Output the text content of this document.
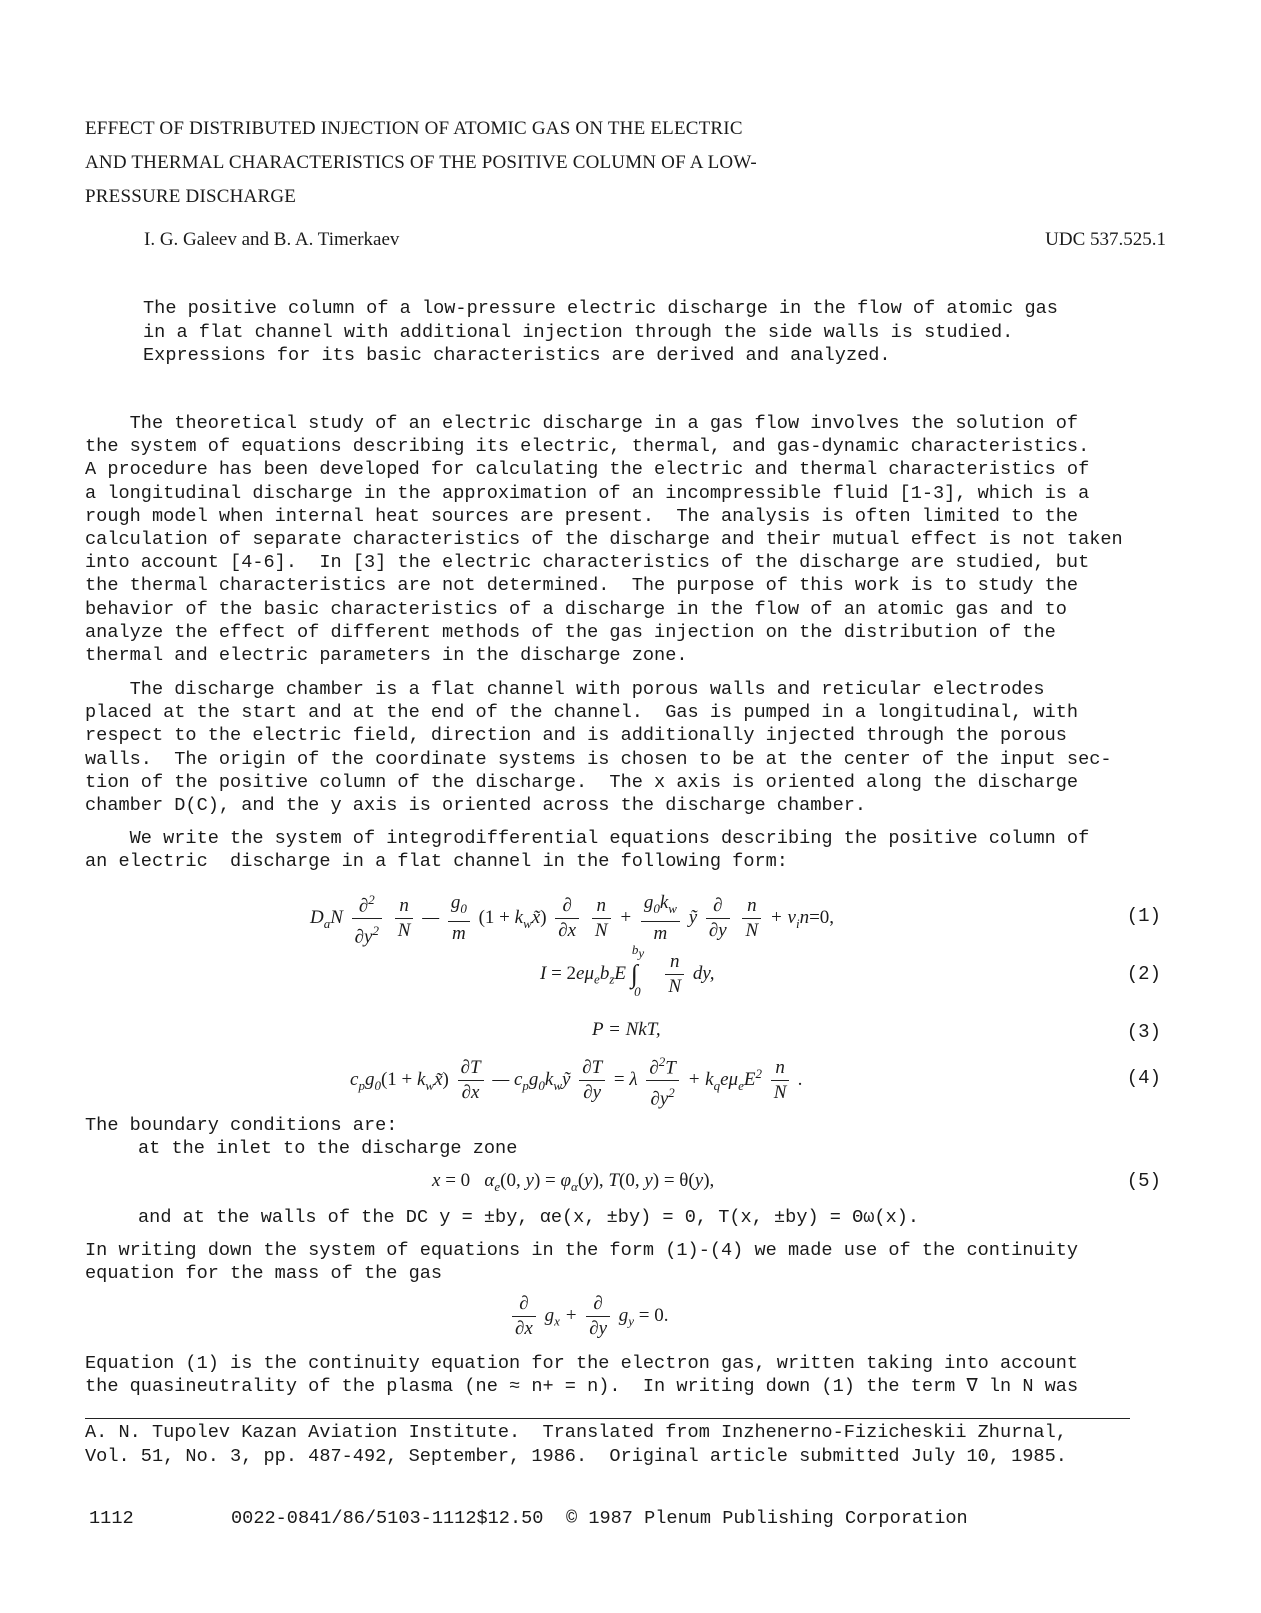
EFFECT OF DISTRIBUTED INJECTION OF ATOMIC GAS ON THE ELECTRIC
AND THERMAL CHARACTERISTICS OF THE POSITIVE COLUMN OF A LOW-
PRESSURE DISCHARGE
I. G. Galeev and B. A. Timerkaev	UDC 537.525.1
The positive column of a low-pressure electric discharge in the flow of atomic gas
in a flat channel with additional injection through the side walls is studied.
Expressions for its basic characteristics are derived and analyzed.
The theoretical study of an electric discharge in a gas flow involves the solution of
the system of equations describing its electric, thermal, and gas-dynamic characteristics.
A procedure has been developed for calculating the electric and thermal characteristics of
a longitudinal discharge in the approximation of an incompressible fluid [1-3], which is a
rough model when internal heat sources are present.  The analysis is often limited to the
calculation of separate characteristics of the discharge and their mutual effect is not taken
into account [4-6].  In [3] the electric characteristics of the discharge are studied, but
the thermal characteristics are not determined.  The purpose of this work is to study the
behavior of the basic characteristics of a discharge in the flow of an atomic gas and to
analyze the effect of different methods of the gas injection on the distribution of the
thermal and electric parameters in the discharge zone.
The discharge chamber is a flat channel with porous walls and reticular electrodes
placed at the start and at the end of the channel.  Gas is pumped in a longitudinal, with
respect to the electric field, direction and is additionally injected through the porous
walls.  The origin of the coordinate systems is chosen to be at the center of the input sec-
tion of the positive column of the discharge.  The x axis is oriented along the discharge
chamber D(C), and the y axis is oriented across the discharge chamber.
We write the system of integrodifferential equations describing the positive column of
an electric  discharge in a flat channel in the following form:
$D_aN \frac{\partial^2}{\partial y^2}$
$\frac{n}{N}$ — $\frac{g_0}{m} (1$ + $k_wx̃) \frac{\partial}{\partial x}$
$\frac{n}{N} + \frac{g_0k_w}{m}$ ỹ $\frac{\partial}{\partial y}$
$\frac{n}{N} + \nu_in=0$,	(1)
$I = 2e\mu_eb_zE$ $\int^{b_y}_0 \frac{n}{N}$ dy,	(2)
P = NkT,	(3)
$c_pg_0(1$ + $k_wx̃) \frac{\partial T}{\partial x}$ — $c_pg_0k_wỹ \frac{\partial T}{\partial y} = \lambda \frac{\partial^2T}{\partial y^2} + k_qe\mu_eE^2 \frac{n}{N}$ .	(4)
The boundary conditions are:
at the inlet to the discharge zone
x = 0   $\alpha_e(0$, $y) = \varphi_\alpha(y)$, T(0, y) = θ(y),	(5)
and at the walls of the DC y = ±by, αe(x, ±by) = 0, T(x, ±by) = Θω(x).
In writing down the system of equations in the form (1)-(4) we made use of the continuity
equation for the mass of the gas
$\frac{\partial}{\partial x} g_x + \frac{\partial}{\partial y} g_y = 0$.
Equation (1) is the continuity equation for the electron gas, written taking into account
the quasineutrality of the plasma (ne ≈ n+ = n).  In writing down (1) the term ∇ ln N was
A. N. Tupolev Kazan Aviation Institute.  Translated from Inzhenerno-Fizicheskii Zhurnal,
Vol. 51, No. 3, pp. 487-492, September, 1986.  Original article submitted July 10, 1985.
1112	0022-0841/86/5103-1112$12.50 © 1987 Plenum Publishing Corporation
